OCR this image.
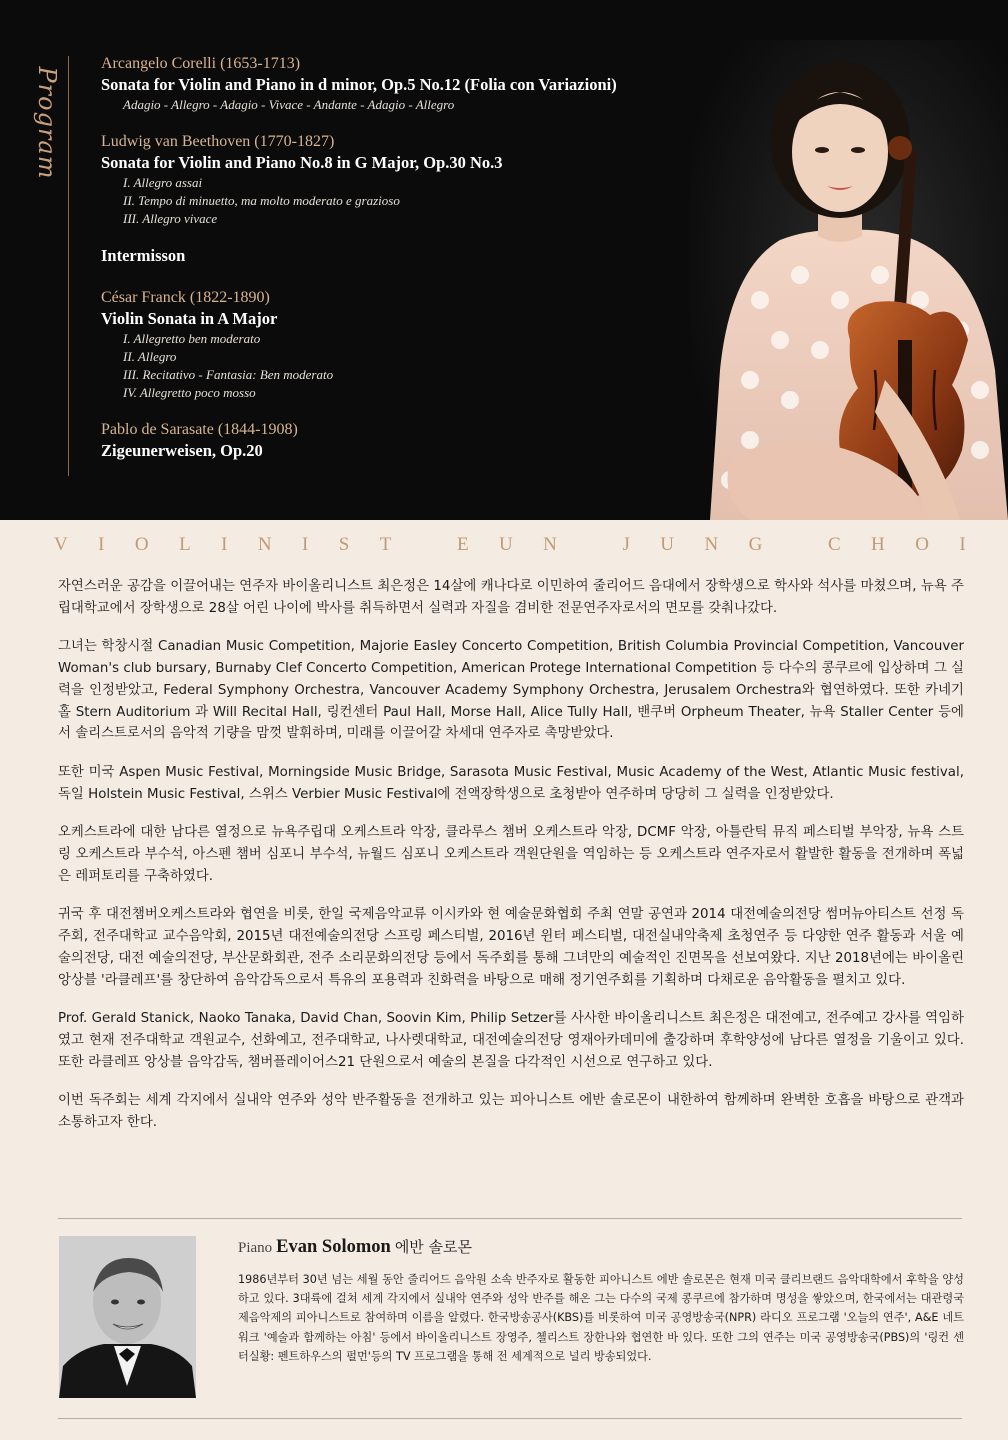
Program
Arcangelo Corelli (1653-1713)
Sonata for Violin and Piano in d minor, Op.5 No.12 (Folia con Variazioni)
Adagio - Allegro - Adagio - Vivace - Andante - Adagio - Allegro
Ludwig van Beethoven (1770-1827)
Sonata for Violin and Piano No.8 in G Major, Op.30 No.3
I. Allegro assai
II. Tempo di minuetto, ma molto moderato e grazioso
III. Allegro vivace
Intermisson
César Franck (1822-1890)
Violin Sonata in A Major
I. Allegretto ben moderato
II. Allegro
III. Recitativo - Fantasia: Ben moderato
IV. Allegretto poco mosso
Pablo de Sarasate (1844-1908)
Zigeunerweisen, Op.20
V I O L I N I S T
	E U N
	J U N G
	C H O I

자연스러운 공감을 이끌어내는 연주자 바이올리니스트 최은정은 14살에 캐나다로 이민하여 줄리어드 음대에서 장학생으로 학사와 석사를 마쳤으며, 뉴욕 주립대학교에서 장학생으로 28살 어린 나이에 박사를 취득하면서 실력과 자질을 겸비한 전문연주자로서의 면모를 갖춰나갔다.

그녀는 학창시절 Canadian Music Competition, Majorie Easley Concerto Competition, British Columbia Provincial Competition, Vancouver Woman's club bursary, Burnaby Clef Concerto Competition, American Protege International Competition 등 다수의 콩쿠르에 입상하며 그 실력을 인정받았고, Federal Symphony Orchestra, Vancouver Academy Symphony Orchestra, Jerusalem Orchestra와 협연하였다. 또한 카네기홀 Stern Auditorium 과 Will Recital Hall, 링컨센터 Paul Hall, Morse Hall, Alice Tully Hall, 밴쿠버 Orpheum Theater, 뉴욕 Staller Center 등에서 솔리스트로서의 음악적 기량을 맘껏 발휘하며, 미래를 이끌어갈 차세대 연주자로 촉망받았다.

또한 미국 Aspen Music Festival, Morningside Music Bridge, Sarasota Music Festival, Music Academy of the West, Atlantic Music festival, 독일 Holstein Music Festival, 스위스 Verbier Music Festival에 전액장학생으로 초청받아 연주하며 당당히 그 실력을 인정받았다.

오케스트라에 대한 남다른 열정으로 뉴욕주립대 오케스트라 악장, 클라루스 챔버 오케스트라 악장, DCMF 악장, 아틀란틱 뮤직 페스티벌 부악장, 뉴욕 스트링 오케스트라 부수석, 아스펜 챔버 심포니 부수석, 뉴월드 심포니 오케스트라 객원단원을 역임하는 등 오케스트라 연주자로서 활발한 활동을 전개하며 폭넓은 레퍼토리를 구축하였다.

귀국 후 대전챔버오케스트라와 협연을 비롯, 한일 국제음악교류 이시카와 현 예술문화협회 주최 연말 공연과 2014 대전예술의전당 썸머뉴아티스트 선정 독주회, 전주대학교 교수음악회, 2015년 대전예술의전당 스프링 페스티벌, 2016년 윈터 페스티벌, 대전실내악축제 초청연주 등 다양한 연주 활동과 서울 예술의전당, 대전 예술의전당, 부산문화회관, 전주 소리문화의전당 등에서 독주회를 통해 그녀만의 예술적인 진면목을 선보여왔다. 지난 2018년에는 바이올린 앙상블 '라클레프'를 창단하여 음악감독으로서 특유의 포용력과 친화력을 바탕으로 매해 정기연주회를 기획하며 다채로운 음악활동을 펼치고 있다.

Prof. Gerald Stanick, Naoko Tanaka, David Chan, Soovin Kim, Philip Setzer를 사사한 바이올리니스트 최은정은 대전예고, 전주예고 강사를 역임하였고 현재 전주대학교 객원교수, 선화예고, 전주대학교, 나사렛대학교, 대전예술의전당 영재아카데미에 출강하며 후학양성에 남다른 열정을 기울이고 있다. 또한 라클레프 앙상블 음악감독, 챔버플레이어스21 단원으로서 예술의 본질을 다각적인 시선으로 연구하고 있다.

이번 독주회는 세계 각지에서 실내악 연주와 성악 반주활동을 전개하고 있는 피아니스트 에반 솔로몬이 내한하여 함께하며 완벽한 호흡을 바탕으로 관객과 소통하고자 한다.

Piano Evan Solomon 에반 솔로몬
1986년부터 30년 넘는 세월 동안 줄리어드 음악원 소속 반주자로 활동한 피아니스트 에반 솔로몬은 현재 미국 클리브랜드 음악대학에서 후학을 양성하고 있다. 3대륙에 걸쳐 세계 각지에서 실내악 연주와 성악 반주를 해온 그는 다수의 국제 콩쿠르에 참가하며 명성을 쌓았으며, 한국에서는 대관령국제음악제의 피아니스트로 참여하며 이름을 알렸다. 한국방송공사(KBS)를 비롯하여 미국 공영방송국(NPR) 라디오 프로그램 '오늘의 연주', A&E 네트워크 '예술과 함께하는 아침' 등에서 바이올리니스트 장영주, 첼리스트 장한나와 협연한 바 있다. 또한 그의 연주는 미국 공영방송국(PBS)의 '링컨 센터실황: 펜트하우스의 펄먼'등의 TV 프로그램을 통해 전 세계적으로 널리 방송되었다.
